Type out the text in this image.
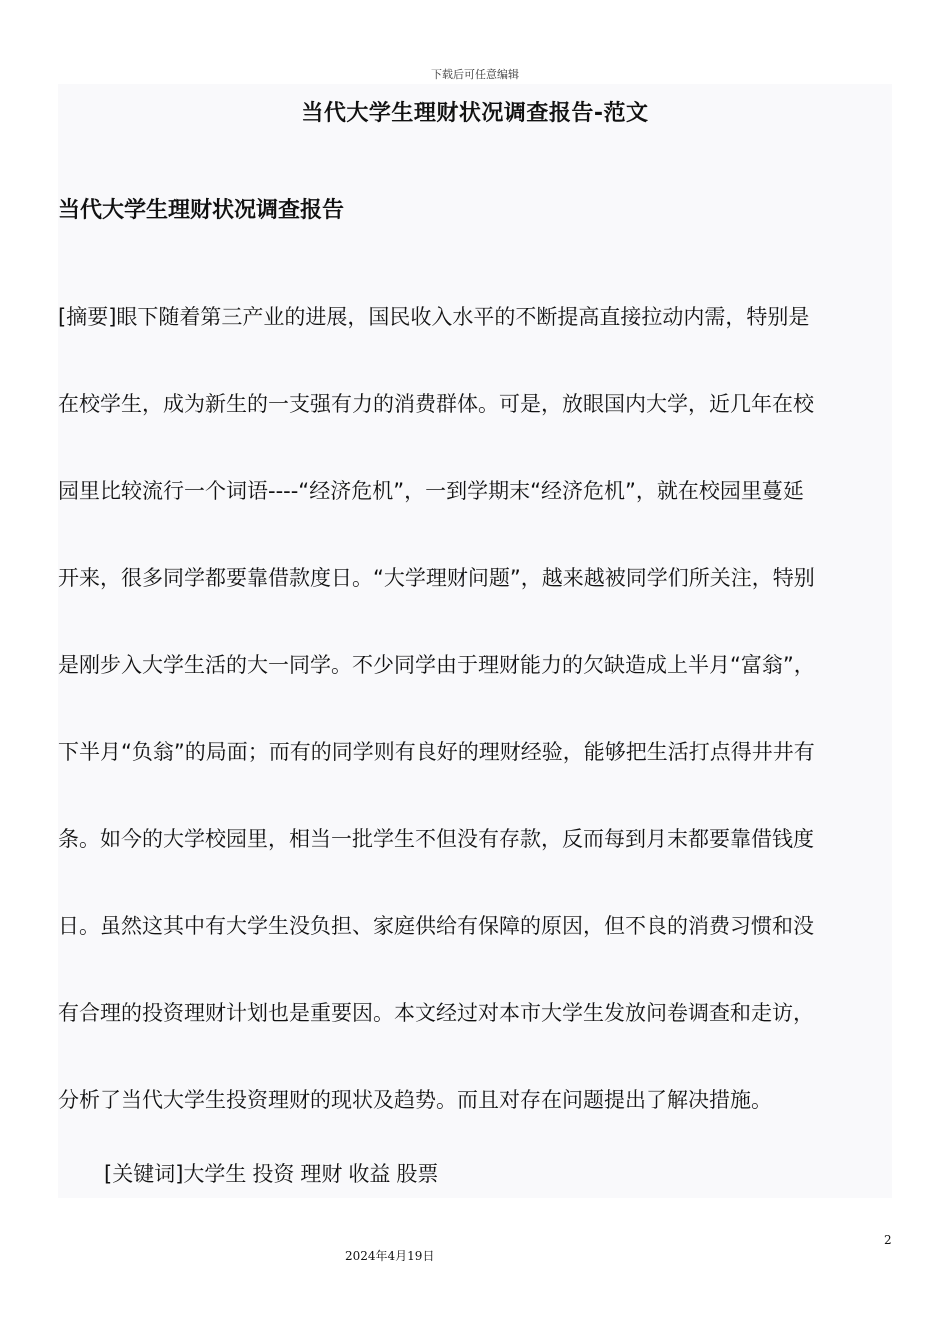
下载后可任意编辑
当代大学生理财状况调查报告-范文
当代大学生理财状况调查报告
[摘要]眼下随着第三产业的进展，国民收入水平的不断提高直接拉动内需，特别是
在校学生，成为新生的一支强有力的消费群体。可是，放眼国内大学，近几年在校
园里比较流行一个词语----“经济危机”，一到学期末“经济危机”，就在校园里蔓延
开来，很多同学都要靠借款度日。“大学理财问题”，越来越被同学们所关注，特别
是刚步入大学生活的大一同学。不少同学由于理财能力的欠缺造成上半月“富翁”，
下半月“负翁”的局面；而有的同学则有良好的理财经验，能够把生活打点得井井有
条。如今的大学校园里，相当一批学生不但没有存款，反而每到月末都要靠借钱度
日。虽然这其中有大学生没负担、家庭供给有保障的原因，但不良的消费习惯和没
有合理的投资理财计划也是重要因。本文经过对本市大学生发放问卷调查和走访，
分析了当代大学生投资理财的现状及趋势。而且对存在问题提出了解决措施。
[关键词]大学生 投资 理财 收益 股票
2
2024年4月19日
